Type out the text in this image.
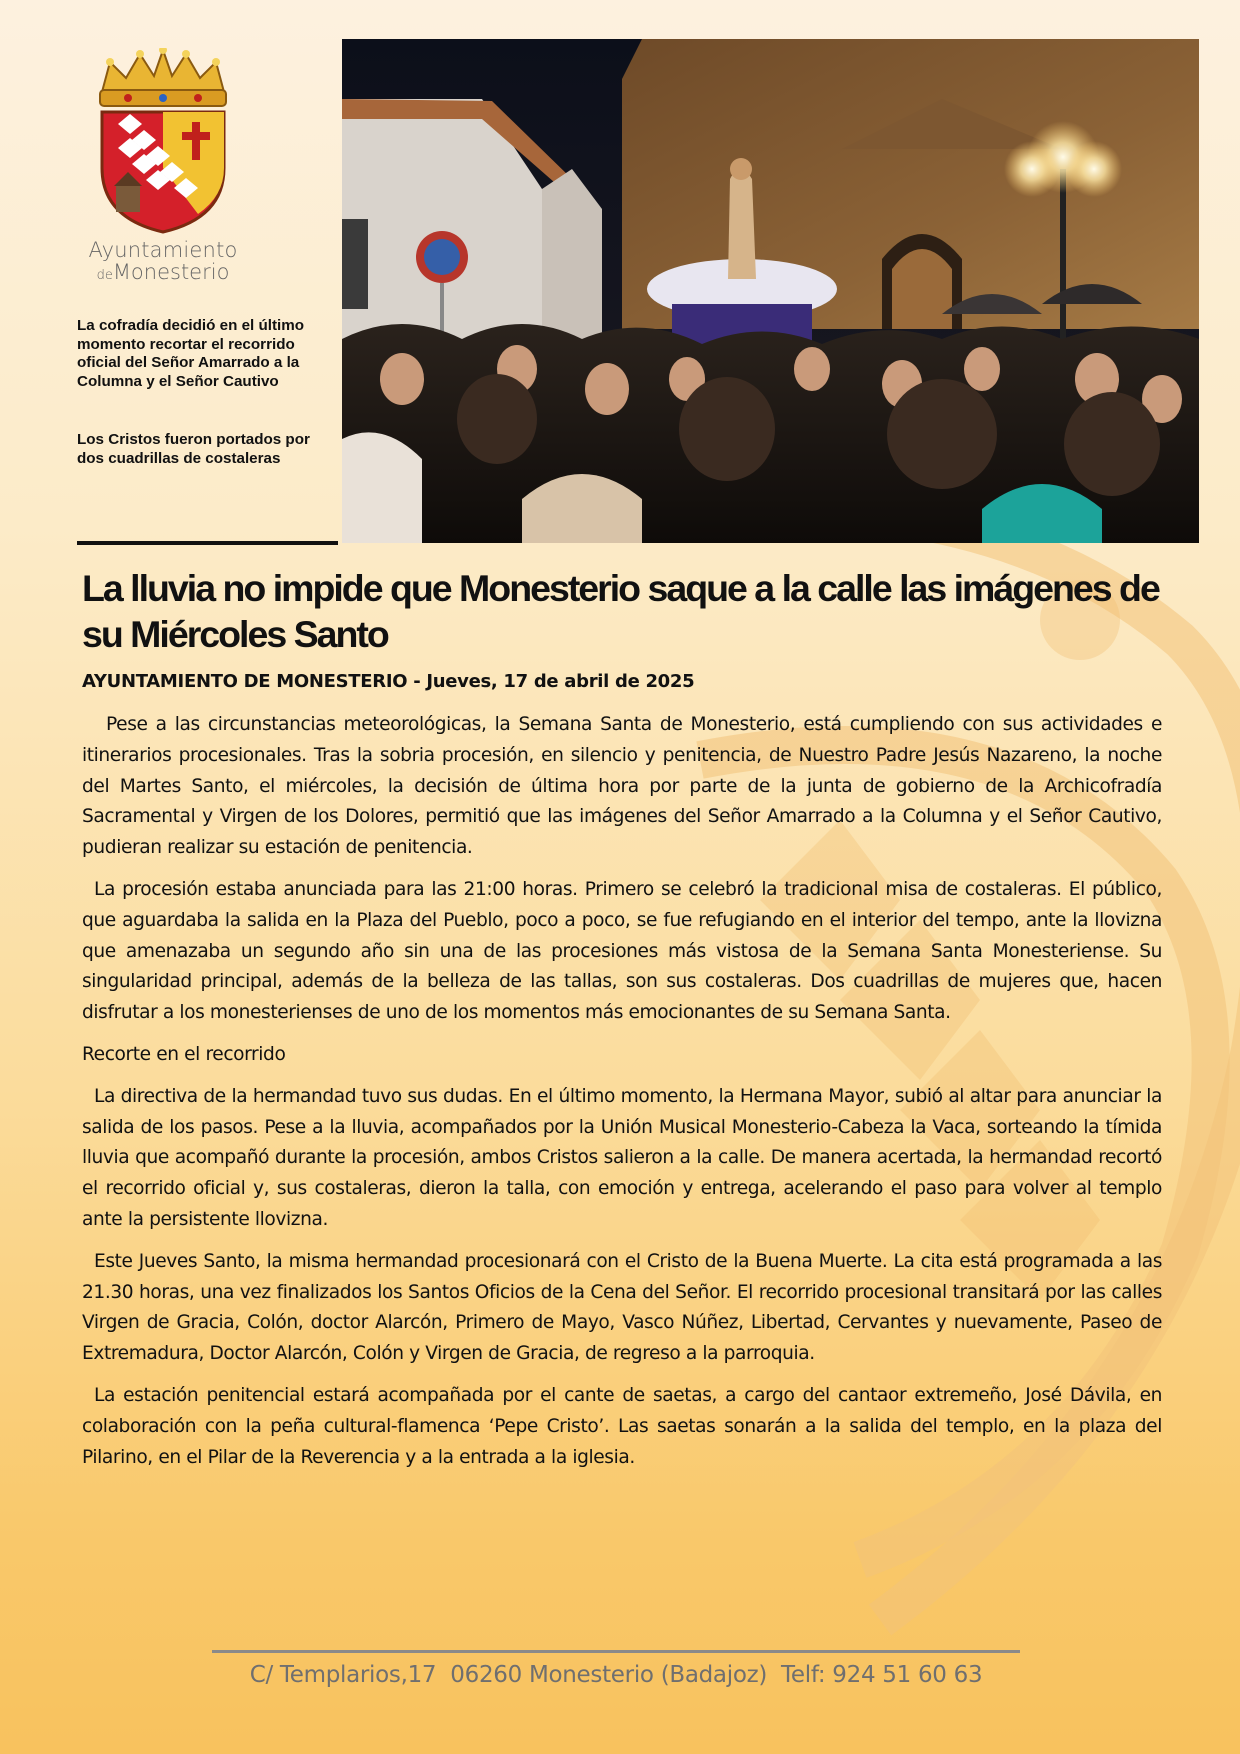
Ayuntamiento
deMonesterio
La cofradía decidió en el último momento recortar el recorrido oficial del Señor Amarrado a la Columna y el Señor Cautivo
Los Cristos fueron portados por dos cuadrillas de costaleras
La lluvia no impide que Monesterio saque a la calle las imágenes de su Miércoles Santo
AYUNTAMIENTO DE MONESTERIO - Jueves, 17 de abril de 2025

Pese a las circunstancias meteorológicas, la Semana Santa de Monesterio, está cumpliendo con sus actividades e itinerarios procesionales. Tras la sobria procesión, en silencio y penitencia, de Nuestro Padre Jesús Nazareno, la noche del Martes Santo, el miércoles, la decisión de última hora por parte de la junta de gobierno de la Archicofradía Sacramental y Virgen de los Dolores, permitió que las imágenes del Señor Amarrado a la Columna y el Señor Cautivo, pudieran realizar su estación de penitencia.

La procesión estaba anunciada para las 21:00 horas. Primero se celebró la tradicional misa de costaleras. El público, que aguardaba la salida en la Plaza del Pueblo, poco a poco, se fue refugiando en el interior del tempo, ante la llovizna que amenazaba un segundo año sin una de las procesiones más vistosa de la Semana Santa Monesteriense. Su singularidad principal, además de la belleza de las tallas, son sus costaleras. Dos cuadrillas de mujeres que, hacen disfrutar a los monesterienses de uno de los momentos más emocionantes de su Semana Santa.

Recorte en el recorrido

La directiva de la hermandad tuvo sus dudas. En el último momento, la Hermana Mayor, subió al altar para anunciar la salida de los pasos. Pese a la lluvia, acompañados por la Unión Musical Monesterio-Cabeza la Vaca, sorteando la tímida lluvia que acompañó durante la procesión, ambos Cristos salieron a la calle. De manera acertada, la hermandad recortó el recorrido oficial y, sus costaleras, dieron la talla, con emoción y entrega, acelerando el paso para volver al templo ante la persistente llovizna.

Este Jueves Santo, la misma hermandad procesionará con el Cristo de la Buena Muerte. La cita está programada a las 21.30 horas, una vez finalizados los Santos Oficios de la Cena del Señor. El recorrido procesional transitará por las calles Virgen de Gracia, Colón, doctor Alarcón, Primero de Mayo, Vasco Núñez, Libertad, Cervantes y nuevamente, Paseo de Extremadura, Doctor Alarcón, Colón y Virgen de Gracia, de regreso a la parroquia.

La estación penitencial estará acompañada por el cante de saetas, a cargo del cantaor extremeño, José Dávila, en colaboración con la peña cultural-flamenca ‘Pepe Cristo’. Las saetas sonarán a la salida del templo, en la plaza del Pilarino, en el Pilar de la Reverencia y a la entrada a la iglesia.

C/ Templarios,17  06260 Monesterio (Badajoz)  Telf: 924 51 60 63
